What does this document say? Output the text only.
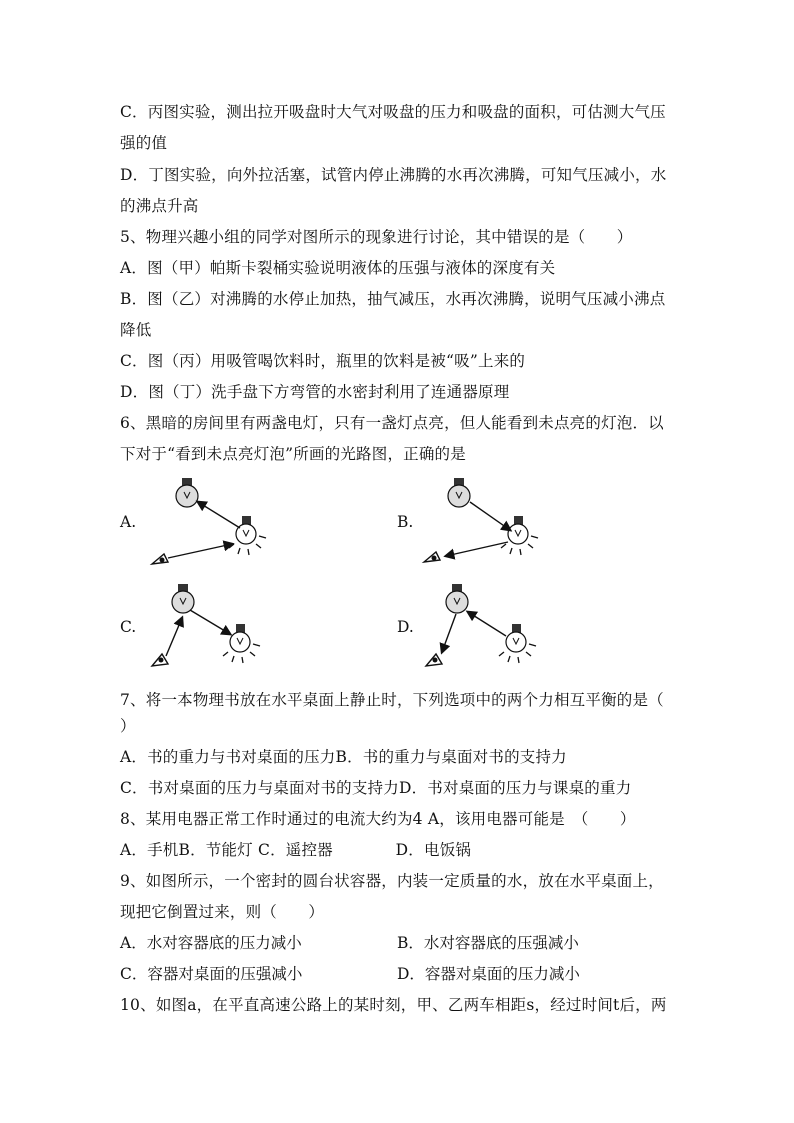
C．丙图实验，测出拉开吸盘时大气对吸盘的压力和吸盘的面积，可估测大气压
强的值
D．丁图实验，向外拉活塞，试管内停止沸腾的水再次沸腾，可知气压减小，水
的沸点升高
5、物理兴趣小组的同学对图所示的现象进行讨论，其中错误的是（　　）
A．图（甲）帕斯卡裂桶实验说明液体的压强与液体的深度有关
B．图（乙）对沸腾的水停止加热，抽气减压，水再次沸腾，说明气压减小沸点
降低
C．图（丙）用吸管喝饮料时，瓶里的饮料是被“吸”上来的
D．图（丁）洗手盘下方弯管的水密封利用了连通器原理
6、黑暗的房间里有两盏电灯，只有一盏灯点亮，但人能看到未点亮的灯泡．以
下对于“看到未点亮灯泡”所画的光路图，正确的是
A.	B.
C.	D.
7、将一本物理书放在水平桌面上静止时，下列选项中的两个力相互平衡的是（
）
A．书的重力与书对桌面的压力B．书的重力与桌面对书的支持力
C．书对桌面的压力与桌面对书的支持力D．书对桌面的压力与课桌的重力
8、某用电器正常工作时通过的电流大约为4 A，该用电器可能是　（　　）
A．手机B．节能灯 C．遥控器　　　　D．电饭锅
9、如图所示，一个密封的圆台状容器，内装一定质量的水，放在水平桌面上，
现把它倒置过来，则（　　）
A．水对容器底的压力减小	B．水对容器底的压强减小
C．容器对桌面的压强减小	D．容器对桌面的压力减小
10、如图a，在平直高速公路上的某时刻，甲、乙两车相距s，经过时间t后，两
